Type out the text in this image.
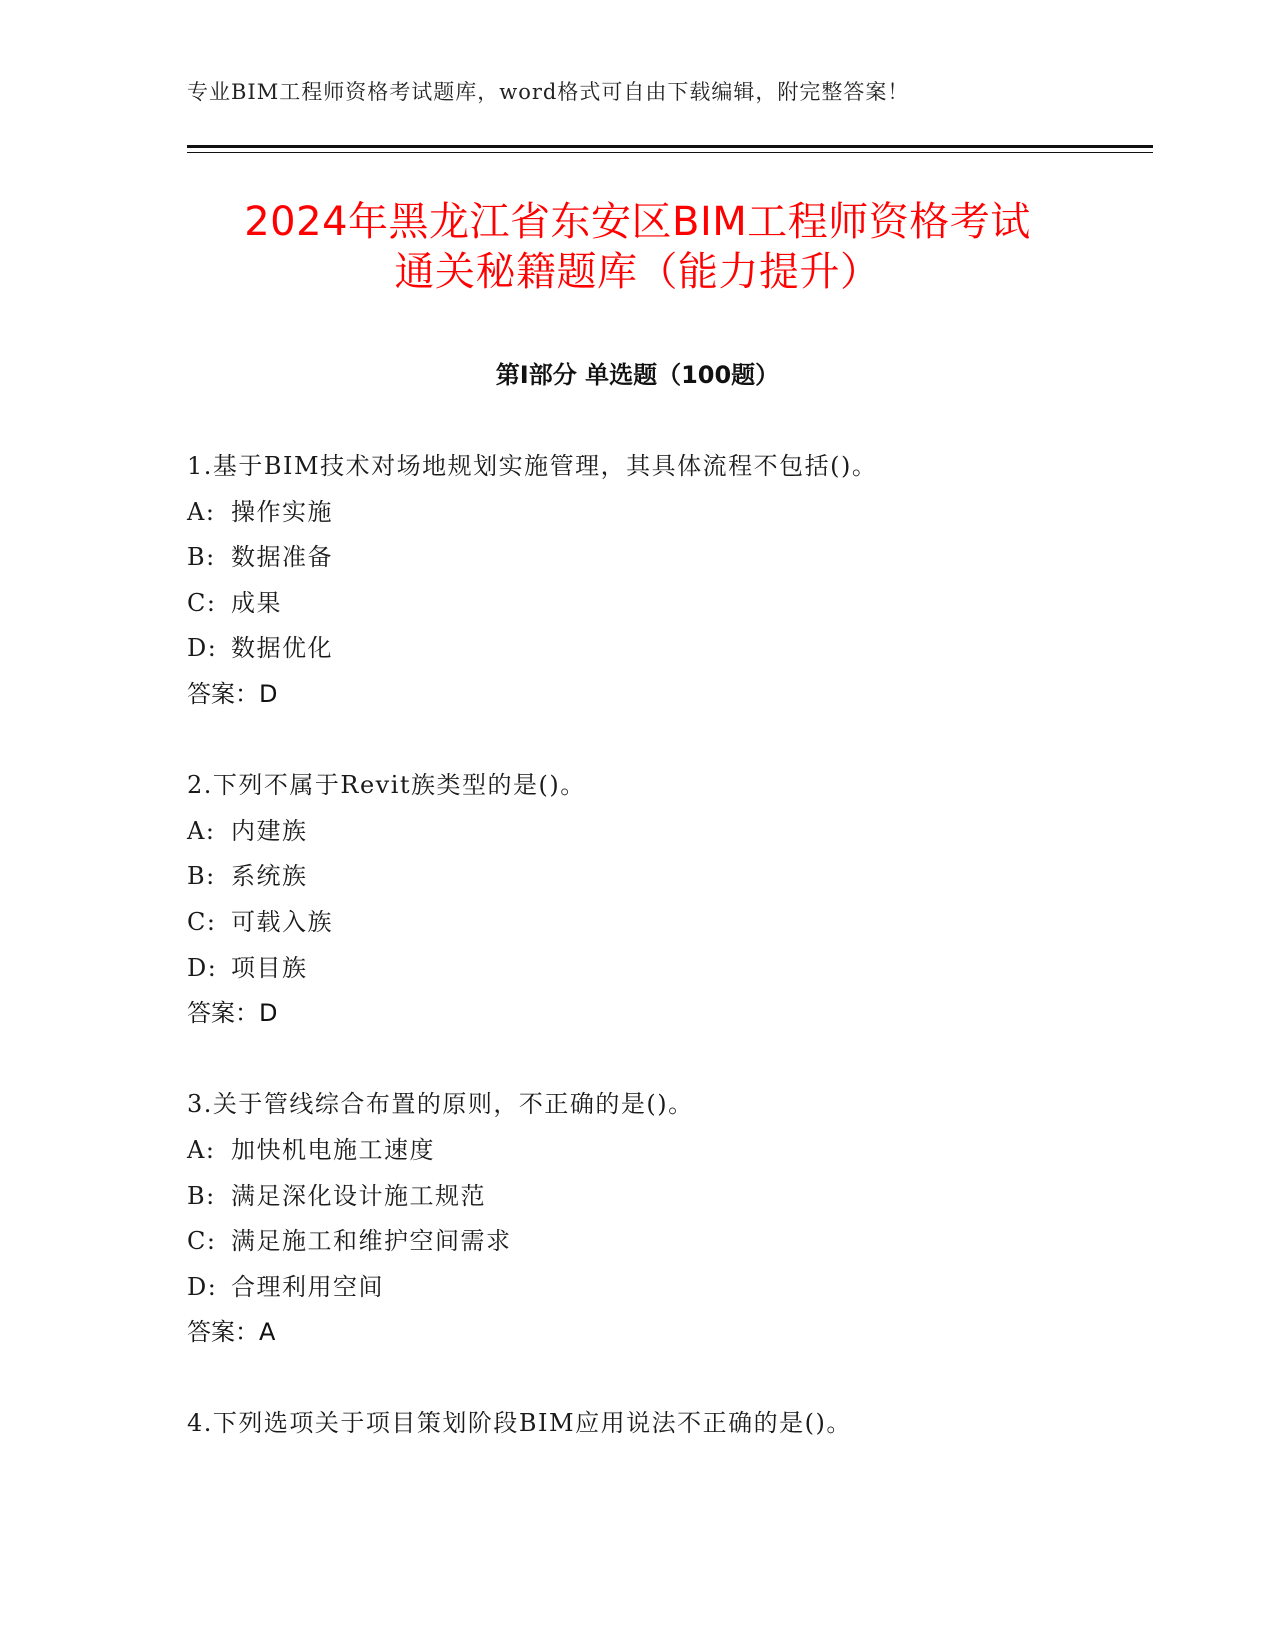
专业BIM工程师资格考试题库，word格式可自由下载编辑，附完整答案！
2024年黑龙江省东安区BIM工程师资格考试
通关秘籍题库（能力提升）
第Ⅰ部分 单选题（100题）
1.基于BIM技术对场地规划实施管理，其具体流程不包括()。
A: 操作实施
B: 数据准备
C: 成果
D: 数据优化
答案：D
2.下列不属于Revit族类型的是()。
A: 内建族
B: 系统族
C: 可载入族
D: 项目族
答案：D
3.关于管线综合布置的原则，不正确的是()。
A: 加快机电施工速度
B: 满足深化设计施工规范
C: 满足施工和维护空间需求
D: 合理利用空间
答案：A
4.下列选项关于项目策划阶段BIM应用说法不正确的是()。
